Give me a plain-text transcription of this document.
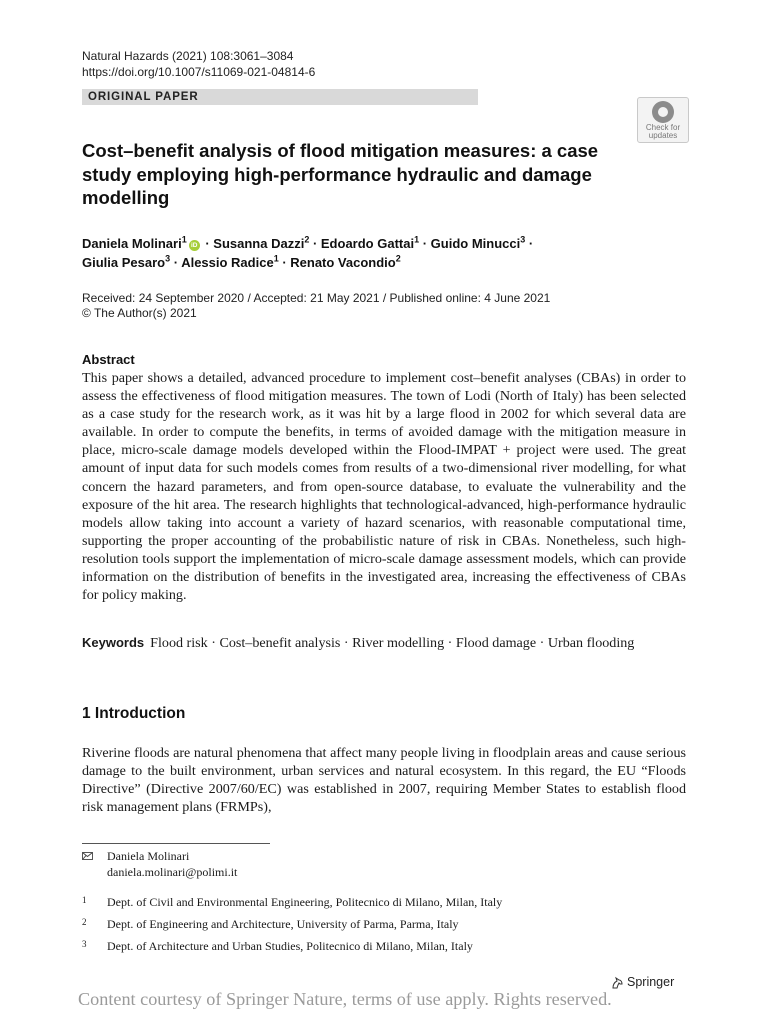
Natural Hazards (2021) 108:3061–3084
https://doi.org/10.1007/s11069-021-04814-6
ORIGINAL PAPER
Check for
updates
Cost–benefit analysis of flood mitigation measures: a case study employing high-performance hydraulic and damage modelling
Daniela Molinari$^1$iD · Susanna Dazzi$^2$ · Edoardo Gattai$^1$ · Guido Minucci$^3$ ·
Giulia Pesaro$^3$ · Alessio Radice$^1$ · Renato Vacondio$^2$
Received: 24 September 2020 / Accepted: 21 May 2021 / Published online: 4 June 2021
© The Author(s) 2021
Abstract
This paper shows a detailed, advanced procedure to implement cost–benefit analyses (CBAs) in order to assess the effectiveness of flood mitigation measures. The town of Lodi (North of Italy) has been selected as a case study for the research work, as it was hit by a large flood in 2002 for which several data are available. In order to compute the benefits, in terms of avoided damage with the mitigation measure in place, micro-scale damage models developed within the Flood-IMPAT + project were used. The great amount of input data for such models comes from results of a two-dimensional river modelling, for what concern the hazard parameters, and from open-source database, to evaluate the vulnerability and the exposure of the hit area. The research highlights that technological-advanced, high-performance hydraulic models allow taking into account a variety of hazard scenarios, with reasonable computational time, supporting the proper accounting of the probabilistic nature of risk in CBAs. Nonetheless, such high-resolution tools support the implementation of micro-scale damage assessment models, which can provide information on the distribution of benefits in the investigated area, increasing the effectiveness of CBAs for policy making.
Keywords Flood risk · Cost–benefit analysis · River modelling · Flood damage · Urban flooding
1 Introduction
Riverine floods are natural phenomena that affect many people living in floodplain areas and cause serious damage to the built environment, urban services and natural ecosystem. In this regard, the EU “Floods Directive” (Directive 2007/60/EC) was established in 2007, requiring Member States to establish flood risk management plans (FRMPs),
Daniela Molinari
daniela.molinari@polimi.it
1 Dept. of Civil and Environmental Engineering, Politecnico di Milano, Milan, Italy
2 Dept. of Engineering and Architecture, University of Parma, Parma, Italy
3 Dept. of Architecture and Urban Studies, Politecnico di Milano, Milan, Italy
Springer
Content courtesy of Springer Nature, terms of use apply. Rights reserved.
